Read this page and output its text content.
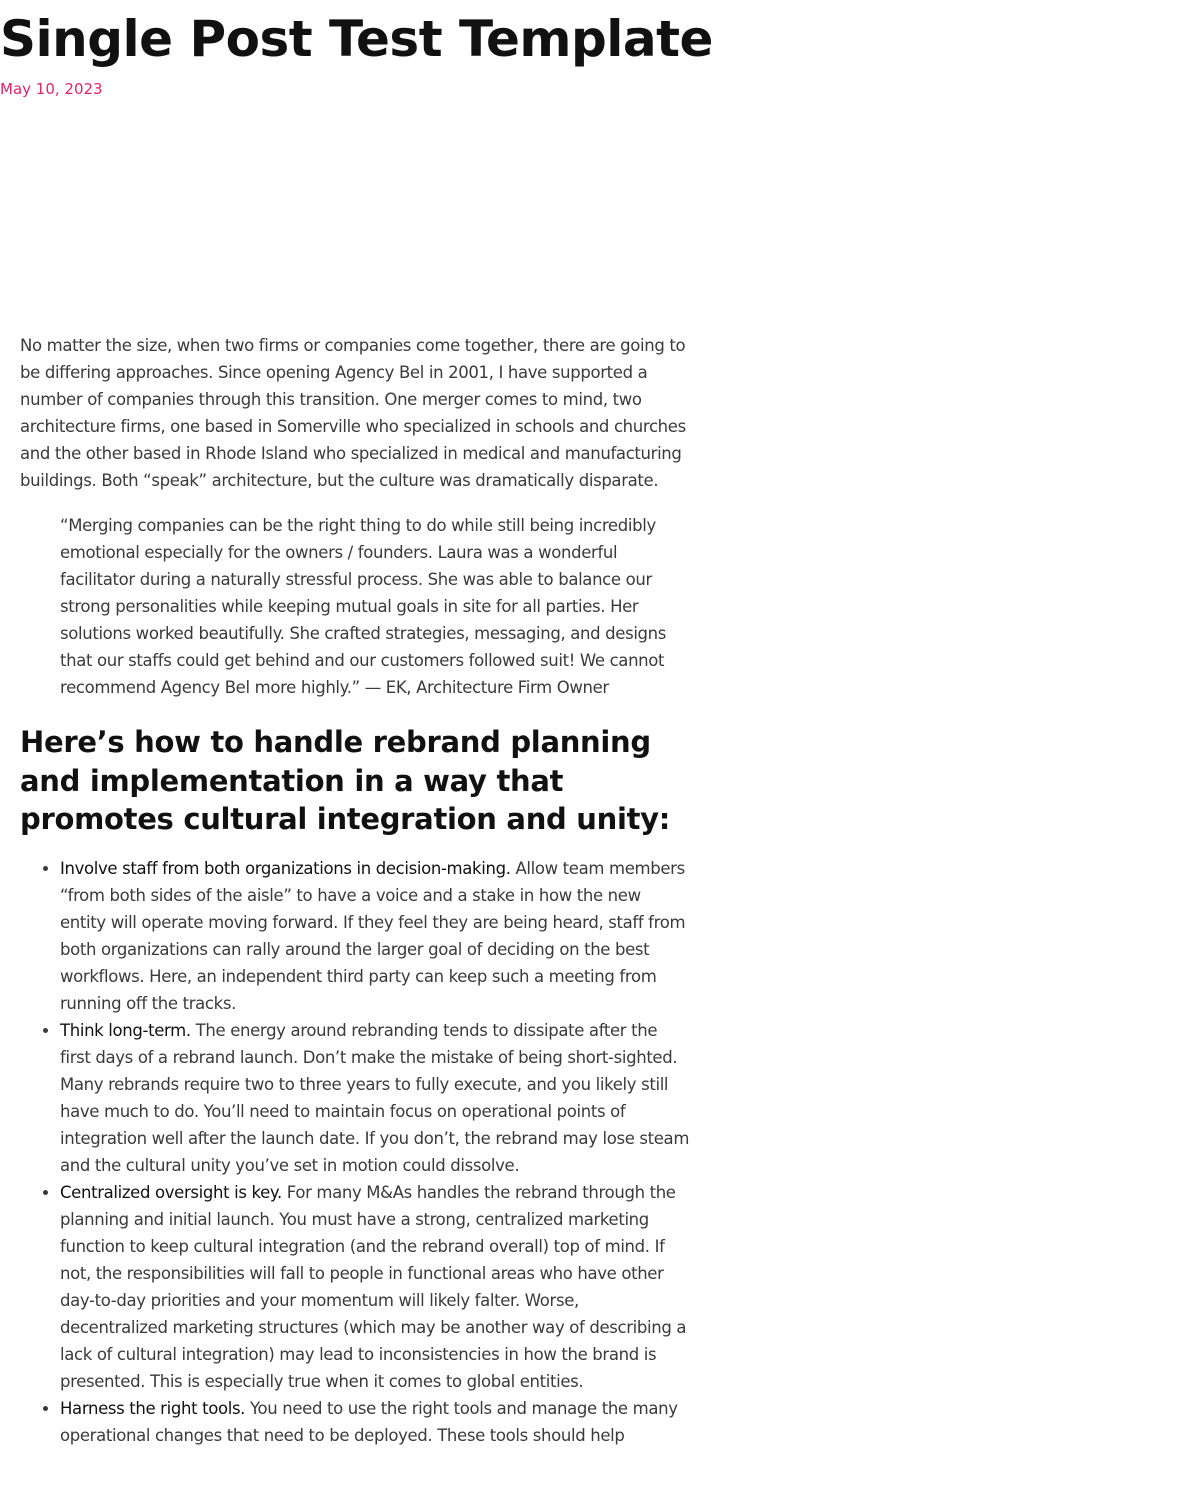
Single Post Test Template
May 10, 2023

No matter the size, when two firms or companies come together, there are going to be differing approaches. Since opening Agency Bel in 2001, I have supported a number of companies through this transition. One merger comes to mind, two architecture firms, one based in Somerville who specialized in schools and churches and the other based in Rhode Island who specialized in medical and manufacturing buildings. Both “speak” architecture, but the culture was dramatically disparate.

“Merging companies can be the right thing to do while still being incredibly emotional especially for the owners / founders. Laura was a wonderful facilitator during a naturally stressful process. She was able to balance our strong personalities while keeping mutual goals in site for all parties. Her solutions worked beautifully. She crafted strategies, messaging, and designs that our staffs could get behind and our customers followed suit! We cannot recommend Agency Bel more highly.” — EK, Architecture Firm Owner

Here’s how to handle rebrand planning and implementation in a way that promotes cultural integration and unity:
• Involve staff from both organizations in decision-making. Allow team members “from both sides of the aisle” to have a voice and a stake in how the new entity will operate moving forward. If they feel they are being heard, staff from both organizations can rally around the larger goal of deciding on the best workflows. Here, an independent third party can keep such a meeting from running off the tracks.
• Think long-term. The energy around rebranding tends to dissipate after the first days of a rebrand launch. Don’t make the mistake of being short-sighted. Many rebrands require two to three years to fully execute, and you likely still have much to do. You’ll need to maintain focus on operational points of integration well after the launch date. If you don’t, the rebrand may lose steam and the cultural unity you’ve set in motion could dissolve.
• Centralized oversight is key. For many M&As handles the rebrand through the planning and initial launch. You must have a strong, centralized marketing function to keep cultural integration (and the rebrand overall) top of mind. If not, the responsibilities will fall to people in functional areas who have other day-to-day priorities and your momentum will likely falter. Worse, decentralized marketing structures (which may be another way of describing a lack of cultural integration) may lead to inconsistencies in how the brand is presented. This is especially true when it comes to global entities.
• Harness the right tools. You need to use the right tools and manage the many operational changes that need to be deployed. These tools should help
